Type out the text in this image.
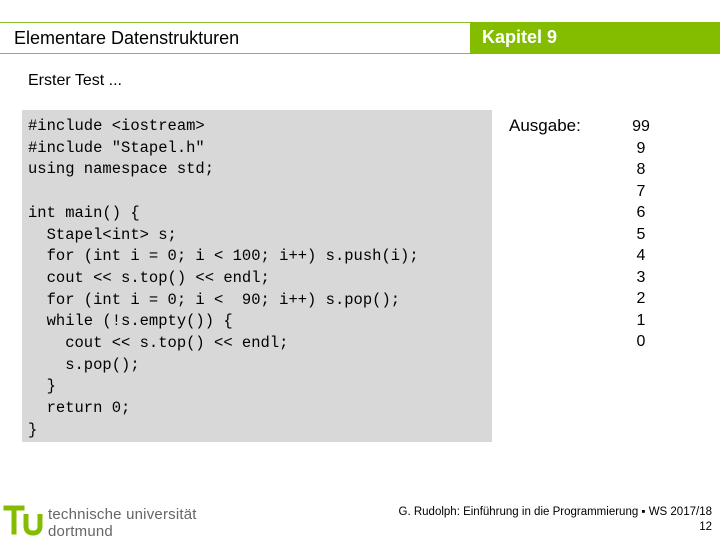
Elementare Datenstrukturen	Kapitel 9
Erster Test ...
#include <iostream>
#include "Stapel.h"
using namespace std;

int main() {
Stapel<int> s;
for (int i = 0; i < 100; i++) s.push(i);
cout << s.top() << endl;
for (int i = 0; i <  90; i++) s.pop();
while (!s.empty()) {
cout << s.top() << endl;
s.pop();
}
return 0;
}
Ausgabe:	99
9
8
7
6
5
4
3
2
1
0
technische universität
dortmund
G. Rudolph: Einführung in die Programmierung ▪ WS 2017/18
12
